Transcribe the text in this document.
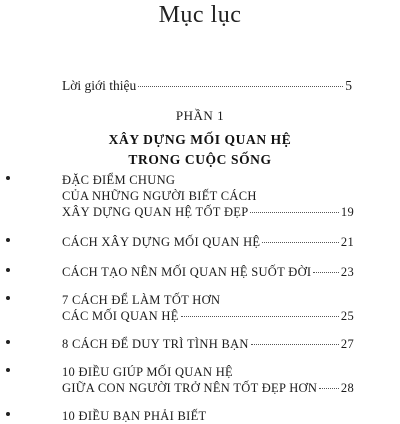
Mục lục
Lời giới thiệu	5
PHẦN 1
XÂY DỰNG MỐI QUAN HỆ
TRONG CUỘC SỐNG
ĐẶC ĐIỂM CHUNG
CỦA NHỮNG NGƯỜI BIẾT CÁCH
XÂY DỰNG QUAN HỆ TỐT ĐẸP	19
CÁCH XÂY DỰNG MỐI QUAN HỆ	21
CÁCH TẠO NÊN MỐI QUAN HỆ SUỐT ĐỜI 23
7 CÁCH ĐỂ LÀM TỐT HƠN
CÁC MỐI QUAN HỆ	25
8 CÁCH ĐỂ DUY TRÌ TÌNH BẠN	27
10 ĐIỀU GIÚP MỐI QUAN HỆ
GIỮA CON NGƯỜI TRỞ NÊN TỐT ĐẸP HƠN 28
10 ĐIỀU BẠN PHẢI BIẾT
